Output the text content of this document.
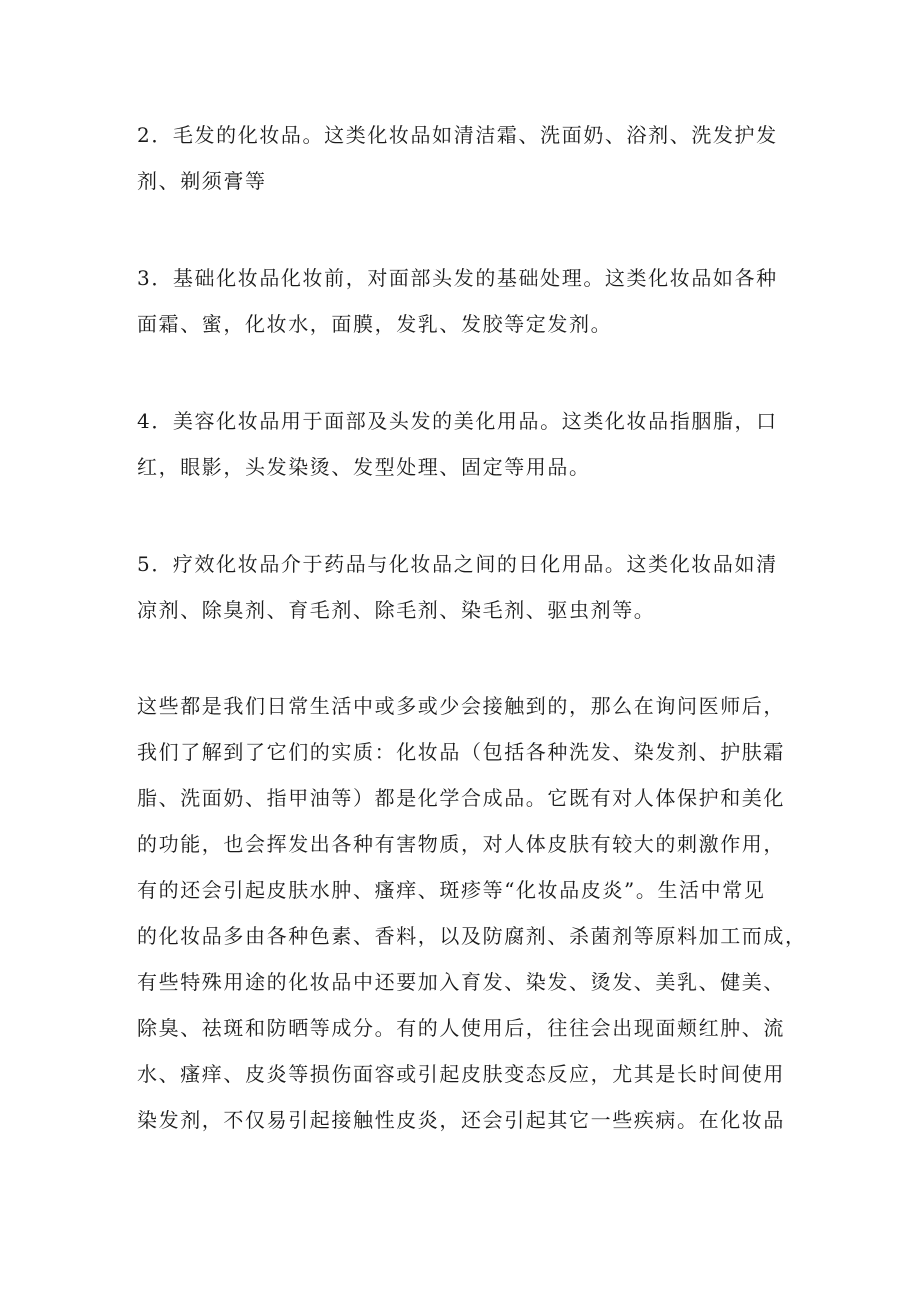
2．毛发的化妆品。这类化妆品如清洁霜、洗面奶、浴剂、洗发护发
剂、剃须膏等
3．基础化妆品化妆前，对面部头发的基础处理。这类化妆品如各种
面霜、蜜，化妆水，面膜，发乳、发胶等定发剂。
4．美容化妆品用于面部及头发的美化用品。这类化妆品指胭脂，口
红，眼影，头发染烫、发型处理、固定等用品。
5．疗效化妆品介于药品与化妆品之间的日化用品。这类化妆品如清
凉剂、除臭剂、育毛剂、除毛剂、染毛剂、驱虫剂等。
这些都是我们日常生活中或多或少会接触到的，那么在询问医师后，
我们了解到了它们的实质：化妆品（包括各种洗发、染发剂、护肤霜
脂、洗面奶、指甲油等）都是化学合成品。它既有对人体保护和美化
的功能，也会挥发出各种有害物质，对人体皮肤有较大的刺激作用，
有的还会引起皮肤水肿、瘙痒、斑疹等“化妆品皮炎”。生活中常见
的化妆品多由各种色素、香料，以及防腐剂、杀菌剂等原料加工而成，
有些特殊用途的化妆品中还要加入育发、染发、烫发、美乳、健美、
除臭、祛斑和防晒等成分。有的人使用后，往往会出现面颊红肿、流
水、瘙痒、皮炎等损伤面容或引起皮肤变态反应，尤其是长时间使用
染发剂，不仅易引起接触性皮炎，还会引起其它一些疾病。在化妆品
